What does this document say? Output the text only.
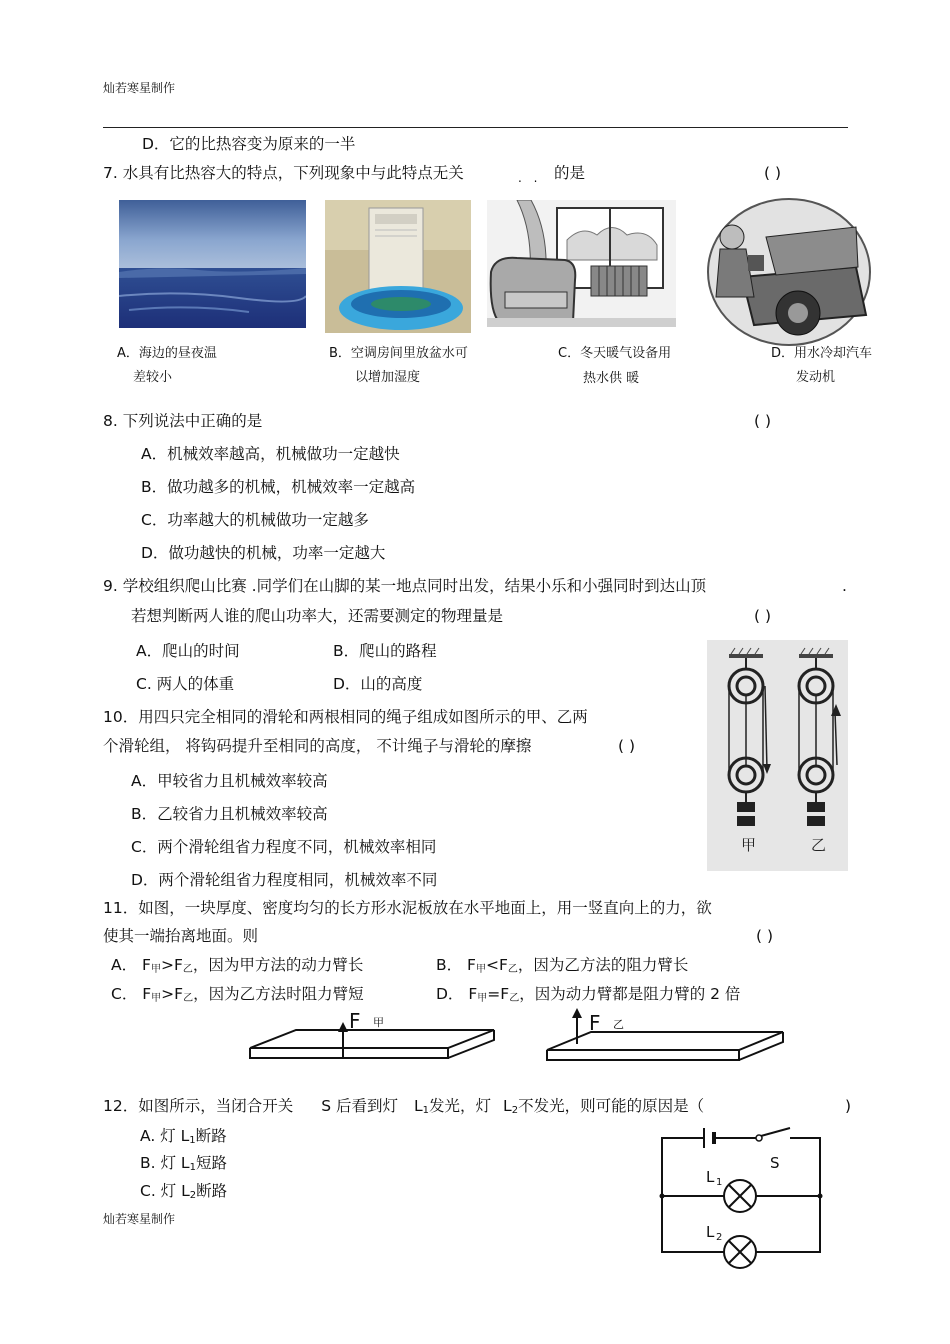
灿若寒星制作
D．它的比热容变为原来的一半
7. 水具有比热容大的特点，下列现象中与此特点无关	. . 的是	( )
A．海边的昼夜温
差较小
B．空调房间里放盆水可
以增加湿度
C．冬天暖气设备用
热水供 暖
D．用水冷却汽车
发动机
8. 下列说法中正确的是	( )
A．机械效率越高，机械做功一定越快
B．做功越多的机械，机械效率一定越高
C．功率越大的机械做功一定越多
D．做功越快的机械，功率一定越大
9. 学校组织爬山比赛 .同学们在山脚的某一地点同时出发，结果小乐和小强同时到达山顶	.
若想判断两人谁的爬山功率大，还需要测定的物理量是	( )
A．爬山的时间	B．爬山的路程
C. 两人的体重	D．山的高度
甲	乙
10．用四只完全相同的滑轮和两根相同的绳子组成如图所示的甲、乙两
个滑轮组， 将钩码提升至相同的高度， 不计绳子与滑轮的摩擦	( )
A．甲较省力且机械效率较高
B．乙较省力且机械效率较高
C．两个滑轮组省力程度不同，机械效率相同
D．两个滑轮组省力程度相同，机械效率不同
11．如图，一块厚度、密度均匀的长方形水泥板放在水平地面上，用一竖直向上的力，欲
使其一端抬离地面。则	( )
A． $F_甲>F_乙$，因为甲方法的动力臂长	B． $F_甲<F_乙$，因为乙方法的阻力臂长
C． $F_甲>F_乙$，因为乙方法时阻力臂短	D． $F_甲=F_乙$，因为动力臂都是阻力臂的 2 倍
F 甲	F 乙
12．如图所示，当闭合开关 S 后看到灯 $L_1$发光，灯 $L_2$不发光，则可能的原因是（	)
A. 灯 $L_1$断路
B. 灯 $L_1$短路
C. 灯 $L_2$断路
S
L 1
L 2
灿若寒星制作
